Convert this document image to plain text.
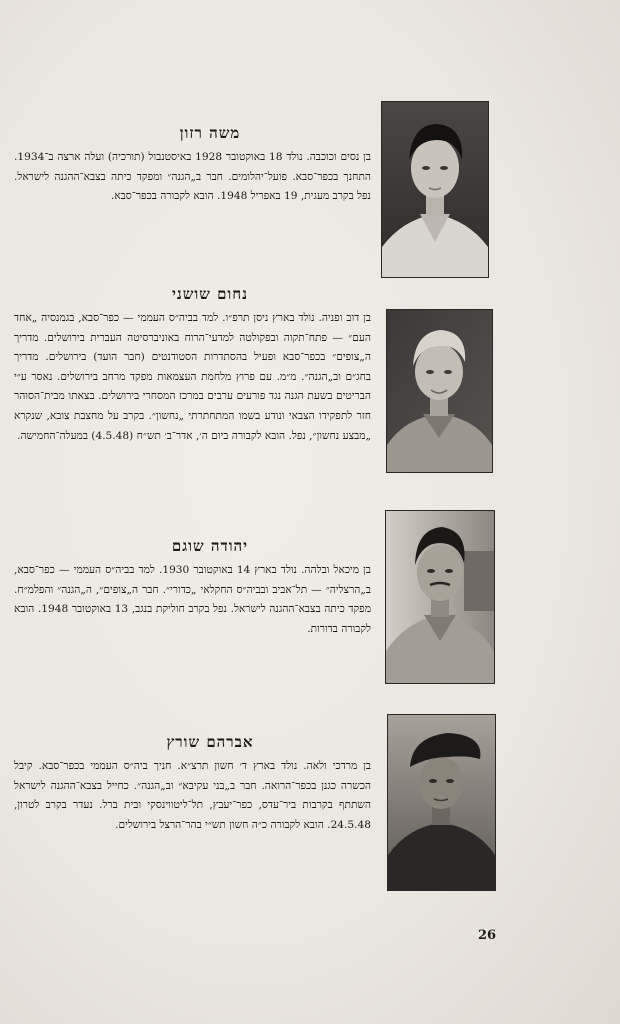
משה רזון
בן נסים וכוכבה. נולד 18 באוקטובר 1928 באיסטנבול (תורכיה) ועלה ארצה ב־1934. התחנך בכפר־סבא. פועל־יהלומים. חבר ב„הגנה״ ומפקד כיתה בצבא־ההגנה לישראל. נפל בקרב מעגית, 19 באפריל 1948. הובא לקבורה בכפר־סבא.
נחום שושני
בן דוב ופניה. נולד בארץ ניסן תרפ״ו. למד בביה״ס העממי — כפר־סבא, בגמנסיה „אחד העם״ — פתח־תקוה ובפקולטה למדעי־הרוח באוניברסיטה העברית בירושלים. מדריך ה„צופים״ בכפר־סבא ופעיל בהסתדרות הסטודנטים (חבר הועד) בירושלים. מדריך בחג״ם וב„הגנה״. מ״מ. עם פרוץ מלחמת העצמאות מפקד מרחב בירושלים. נאסר ע״י הבריטים בשעת הגנה נגד פורעים ערבים במרכז המסחרי בירושלים. בצאתו מבית־הסוהר חזר לתפקידו הצבאי ונודע בשמו המתחתרתי „נחשון״. בקרב על מחצבת צובא, שנקרא „מבצע נחשון״, נפל. הובא לקבורה ביום ה׳, אדר־ב׳ תש״ח (4.5.48) במעלה־החמישה.
יהודה שוגם
בן מיכאל ובלהה. נולד בארץ 14 באוקטובר 1930. למד בביה״ס העממי — כפר־סבא, ב„הרצליה״ — תל־אביב ובביה״ס החקלאי „כדורי״. חבר ה„צופים״, ה„הגנה״ והפלמ״ח. מפקד כיתה בצבא־ההגנה לישראל. נפל בקרב חוליקת בנגב, 13 באוקטובר 1948. הובא לקבורה בדורות.
אברהם שורץ
בן מרדכי ולאה. נולד בארץ ד׳ חשון תרצ״א. חניך ביה״ס העממי בכפר־סבא. קיבל הכשרה כגנן בכפר־הרואה. חבר ב„בני עקיבא״ וב„הגנה״. כחייל בצבא־ההגנה לישראל השתתף בקרבות ביר־עדס, כפר־יעבץ, תל־ליטווינסקי ובית ברל. נעדר בקרב לטרון, 24.5.48. הובא לקבורה כ״ה חשון תש״י בהר־הרצל בירושלים.
26
